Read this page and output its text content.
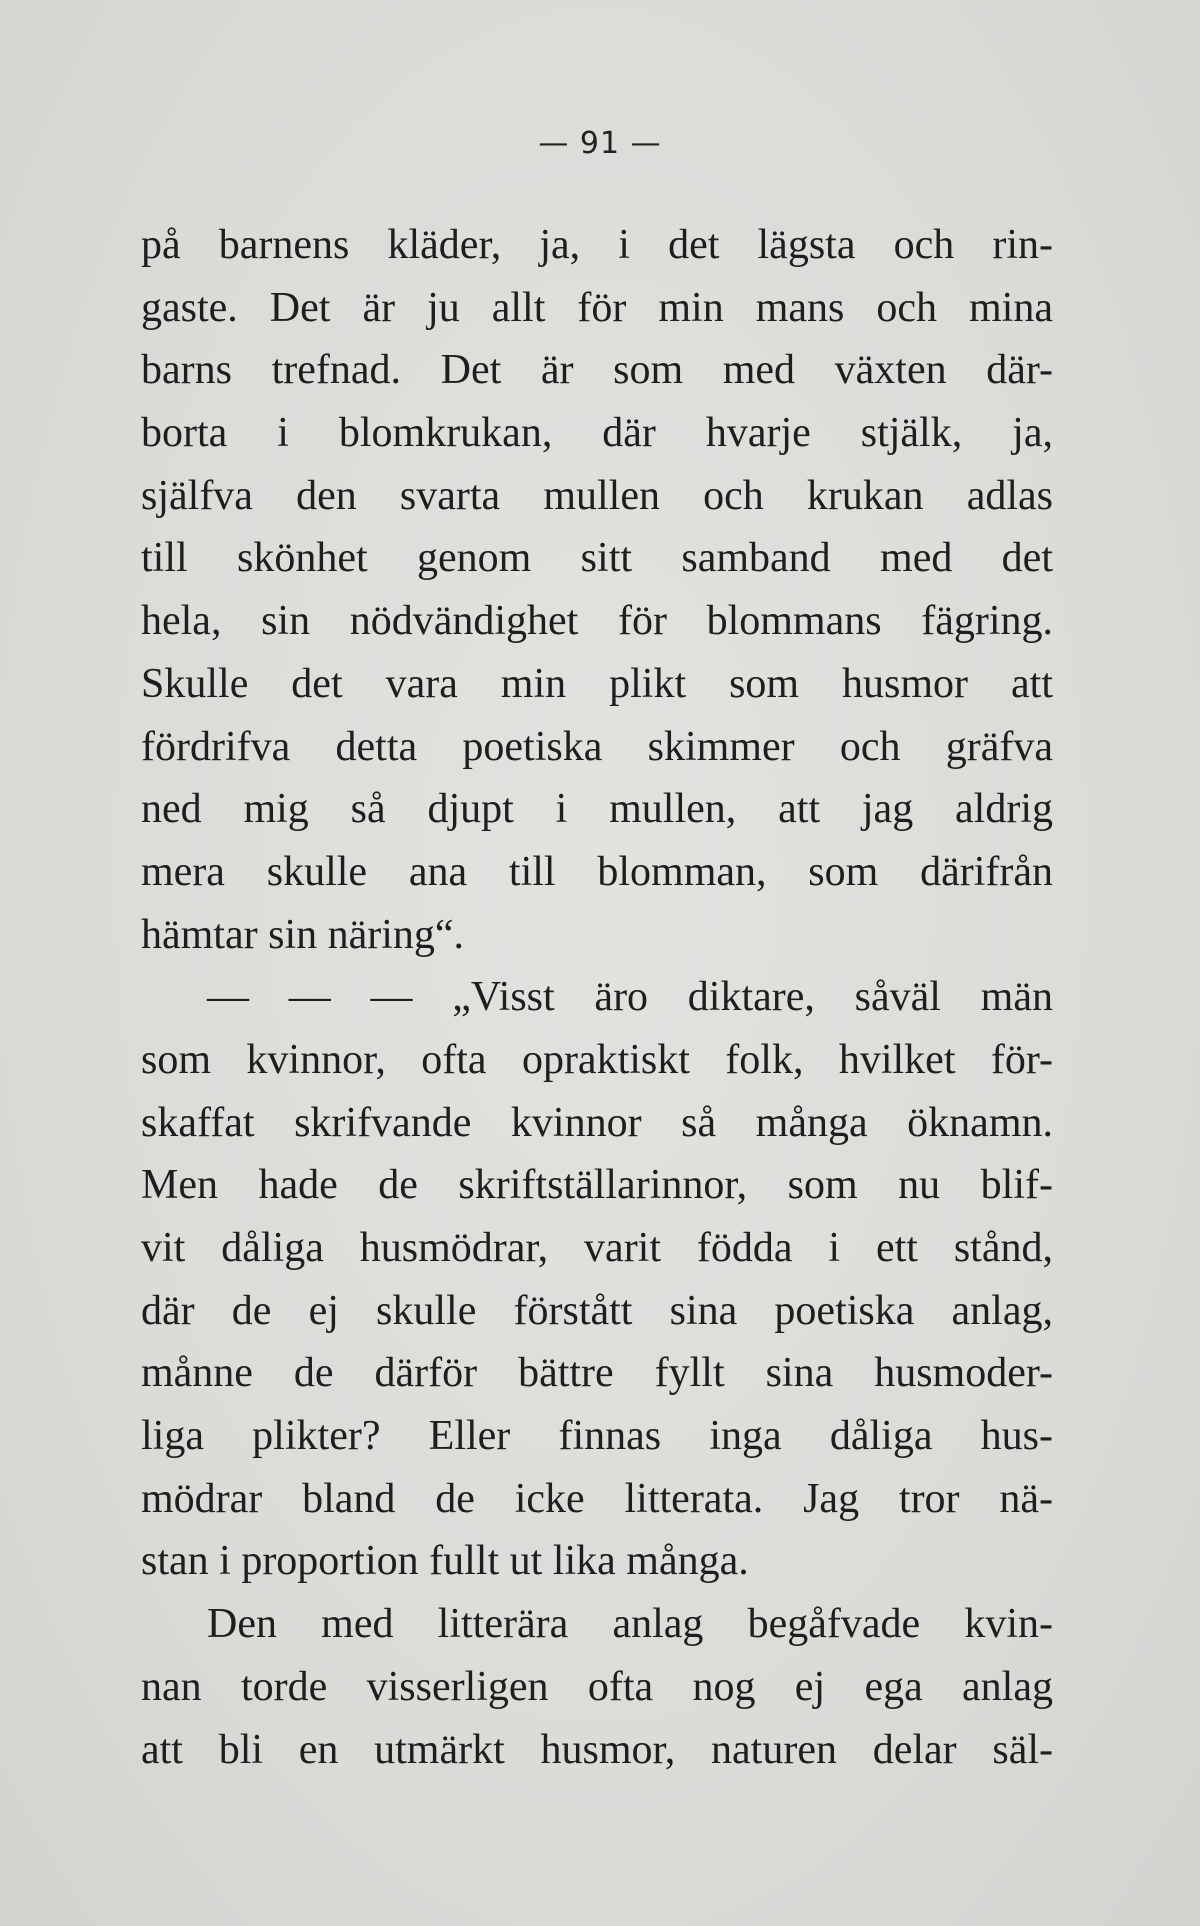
— 91 —
på barnens kläder, ja, i det lägsta och rin-
gaste. Det är ju allt för min mans och mina
barns trefnad. Det är som med växten där-
borta i blomkrukan, där hvarje stjälk, ja,
själfva den svarta mullen och krukan adlas
till skönhet genom sitt samband med det
hela, sin nödvändighet för blommans fägring.
Skulle det vara min plikt som husmor att
fördrifva detta poetiska skimmer och gräfva
ned mig så djupt i mullen, att jag aldrig
mera skulle ana till blomman, som därifrån
hämtar sin näring“.
— — — „Visst äro diktare, såväl män
som kvinnor, ofta opraktiskt folk, hvilket för-
skaffat skrifvande kvinnor så många öknamn.
Men hade de skriftställarinnor, som nu blif-
vit dåliga husmödrar, varit födda i ett stånd,
där de ej skulle förstått sina poetiska anlag,
månne de därför bättre fyllt sina husmoder-
liga plikter? Eller finnas inga dåliga hus-
mödrar bland de icke litterata. Jag tror nä-
stan i proportion fullt ut lika många.
Den med litterära anlag begåfvade kvin-
nan torde visserligen ofta nog ej ega anlag
att bli en utmärkt husmor, naturen delar säl-
